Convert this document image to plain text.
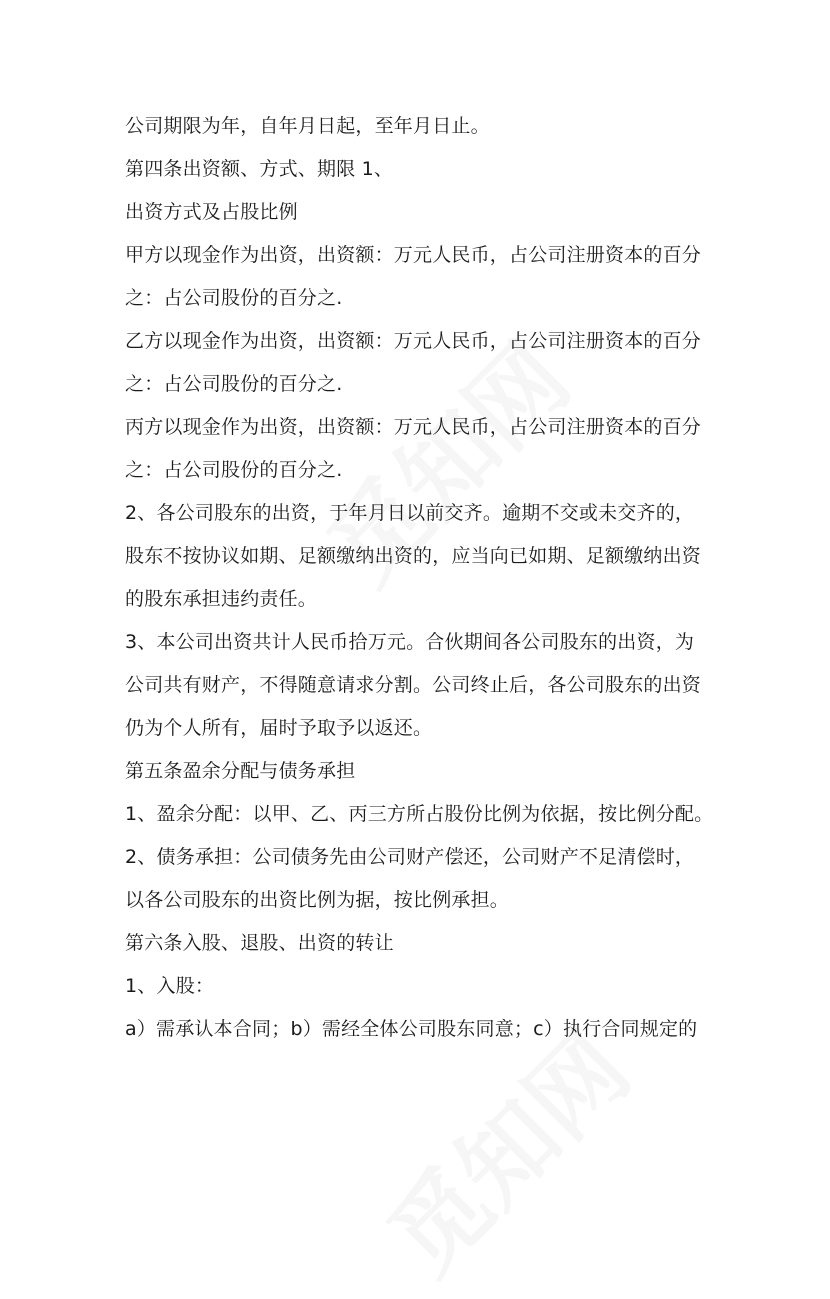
公司期限为年，自年月日起，至年月日止。
第四条出资额、方式、期限 1、
出资方式及占股比例
甲方以现金作为出资，出资额：万元人民币，占公司注册资本的百分
之：占公司股份的百分之.
乙方以现金作为出资，出资额：万元人民币，占公司注册资本的百分
之：占公司股份的百分之.
丙方以现金作为出资，出资额：万元人民币，占公司注册资本的百分
之：占公司股份的百分之.
2、各公司股东的出资，于年月日以前交齐。逾期不交或未交齐的，
股东不按协议如期、足额缴纳出资的，应当向已如期、足额缴纳出资
的股东承担违约责任。
3、本公司出资共计人民币拾万元。合伙期间各公司股东的出资，为
公司共有财产，不得随意请求分割。公司终止后，各公司股东的出资
仍为个人所有，届时予取予以返还。
第五条盈余分配与债务承担
1、盈余分配：以甲、乙、丙三方所占股份比例为依据，按比例分配。
2、债务承担：公司债务先由公司财产偿还，公司财产不足清偿时，
以各公司股东的出资比例为据，按比例承担。
第六条入股、退股、出资的转让
1、入股：
a）需承认本合同；b）需经全体公司股东同意；c）执行合同规定的
